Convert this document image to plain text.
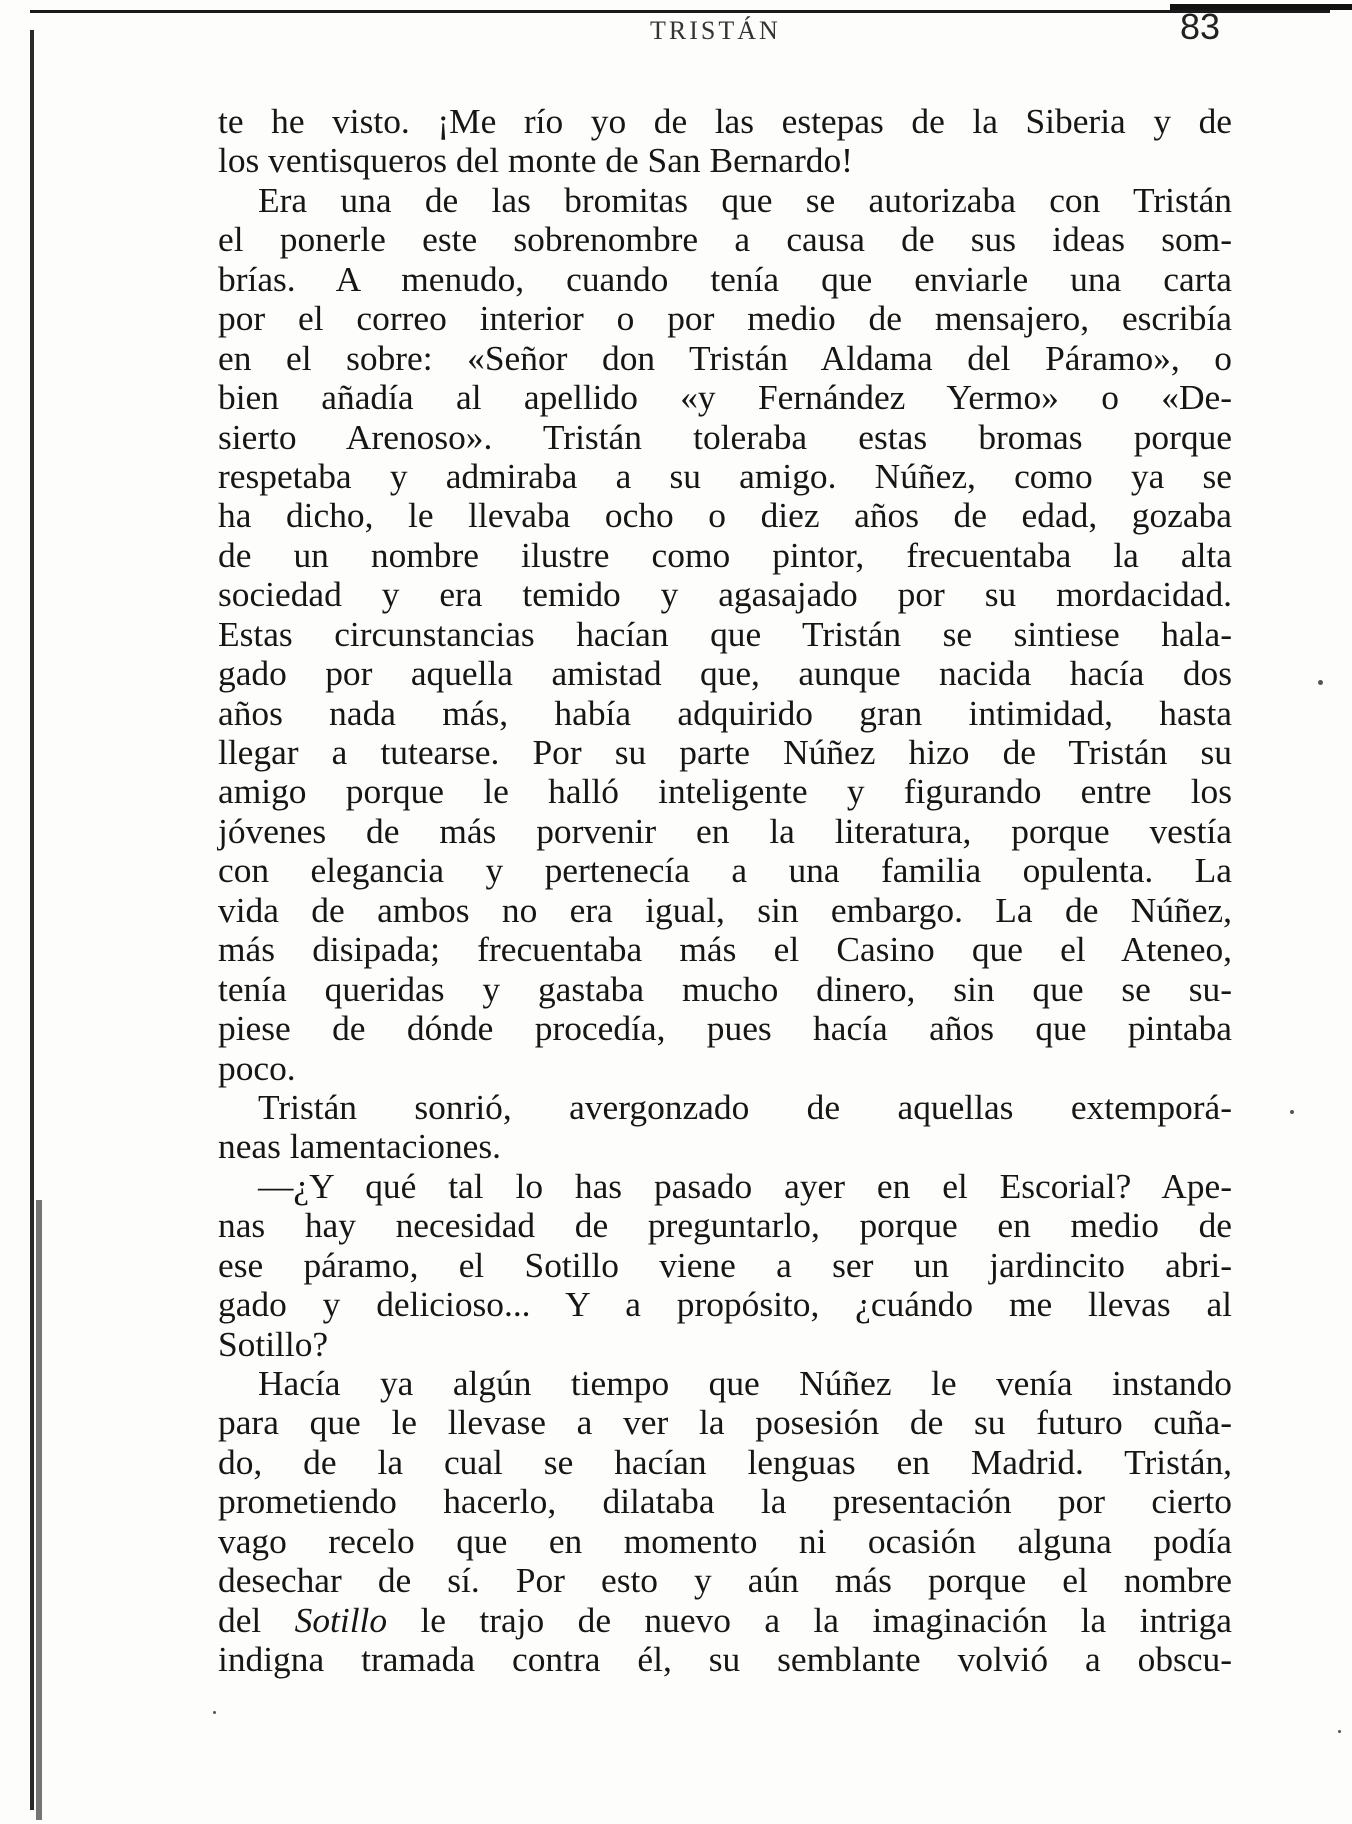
TRISTÁN	83
te he visto. ¡Me río yo de las estepas de la Siberia y de
los ventisqueros del monte de San Bernardo!
Era una de las bromitas que se autorizaba con Tristán
el ponerle este sobrenombre a causa de sus ideas som-
brías. A menudo, cuando tenía que enviarle una carta
por el correo interior o por medio de mensajero, escribía
en el sobre: «Señor don Tristán Aldama del Páramo», o
bien añadía al apellido «y Fernández Yermo» o «De-
sierto Arenoso». Tristán toleraba estas bromas porque
respetaba y admiraba a su amigo. Núñez, como ya se
ha dicho, le llevaba ocho o diez años de edad, gozaba
de un nombre ilustre como pintor, frecuentaba la alta
sociedad y era temido y agasajado por su mordacidad.
Estas circunstancias hacían que Tristán se sintiese hala-
gado por aquella amistad que, aunque nacida hacía dos
años nada más, había adquirido gran intimidad, hasta
llegar a tutearse. Por su parte Núñez hizo de Tristán su
amigo porque le halló inteligente y figurando entre los
jóvenes de más porvenir en la literatura, porque vestía
con elegancia y pertenecía a una familia opulenta. La
vida de ambos no era igual, sin embargo. La de Núñez,
más disipada; frecuentaba más el Casino que el Ateneo,
tenía queridas y gastaba mucho dinero, sin que se su-
piese de dónde procedía, pues hacía años que pintaba
poco.
Tristán sonrió, avergonzado de aquellas extemporá-
neas lamentaciones.
—¿Y qué tal lo has pasado ayer en el Escorial? Ape-
nas hay necesidad de preguntarlo, porque en medio de
ese páramo, el Sotillo viene a ser un jardincito abri-
gado y delicioso... Y a propósito, ¿cuándo me llevas al
Sotillo?
Hacía ya algún tiempo que Núñez le venía instando
para que le llevase a ver la posesión de su futuro cuña-
do, de la cual se hacían lenguas en Madrid. Tristán,
prometiendo hacerlo, dilataba la presentación por cierto
vago recelo que en momento ni ocasión alguna podía
desechar de sí. Por esto y aún más porque el nombre
del Sotillo le trajo de nuevo a la imaginación la intriga
indigna tramada contra él, su semblante volvió a obscu-
